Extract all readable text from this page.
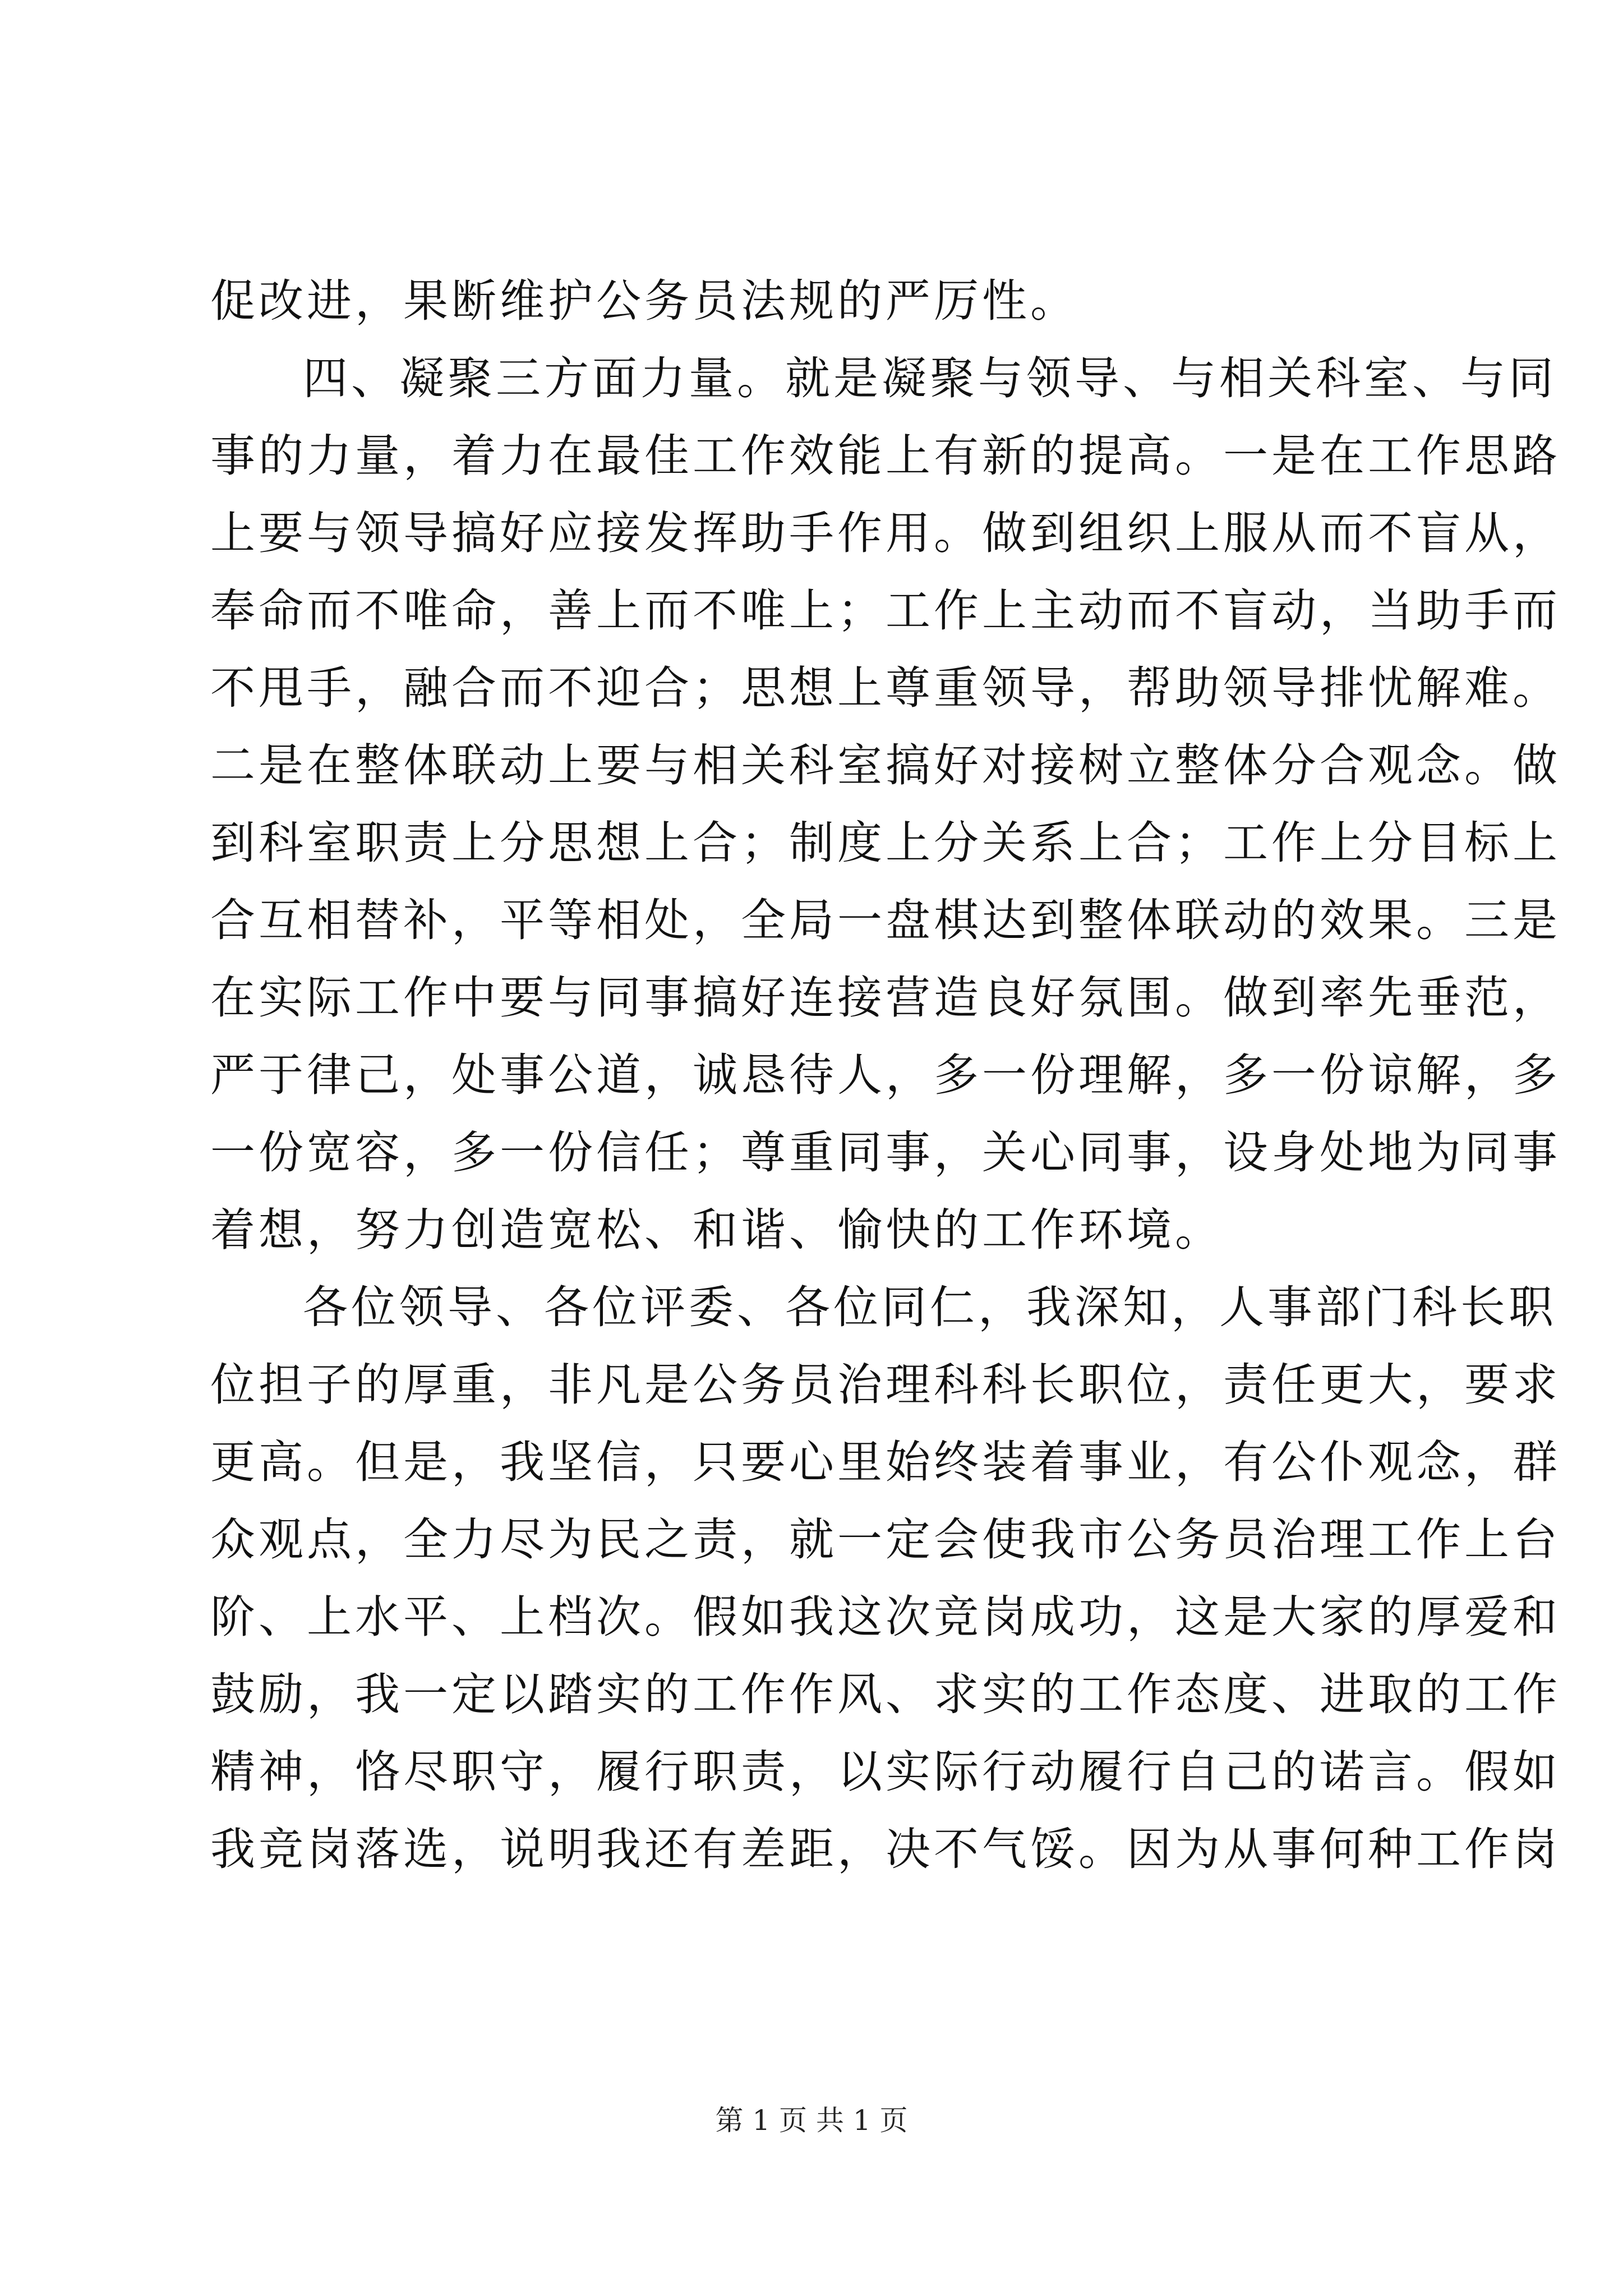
促改进，果断维护公务员法规的严厉性。
四、凝聚三方面力量。就是凝聚与领导、与相关科室、与同
事的力量，着力在最佳工作效能上有新的提高。一是在工作思路
上要与领导搞好应接发挥助手作用。做到组织上服从而不盲从，
奉命而不唯命，善上而不唯上；工作上主动而不盲动，当助手而
不甩手，融合而不迎合；思想上尊重领导，帮助领导排忧解难。
二是在整体联动上要与相关科室搞好对接树立整体分合观念。做
到科室职责上分思想上合；制度上分关系上合；工作上分目标上
合互相替补，平等相处，全局一盘棋达到整体联动的效果。三是
在实际工作中要与同事搞好连接营造良好氛围。做到率先垂范，
严于律己，处事公道，诚恳待人，多一份理解，多一份谅解，多
一份宽容，多一份信任；尊重同事，关心同事，设身处地为同事
着想，努力创造宽松、和谐、愉快的工作环境。
各位领导、各位评委、各位同仁，我深知，人事部门科长职
位担子的厚重，非凡是公务员治理科科长职位，责任更大，要求
更高。但是，我坚信，只要心里始终装着事业，有公仆观念，群
众观点，全力尽为民之责，就一定会使我市公务员治理工作上台
阶、上水平、上档次。假如我这次竞岗成功，这是大家的厚爱和
鼓励，我一定以踏实的工作作风、求实的工作态度、进取的工作
精神，恪尽职守，履行职责，以实际行动履行自己的诺言。假如
我竞岗落选，说明我还有差距，决不气馁。因为从事何种工作岗
第 1 页 共 1 页
